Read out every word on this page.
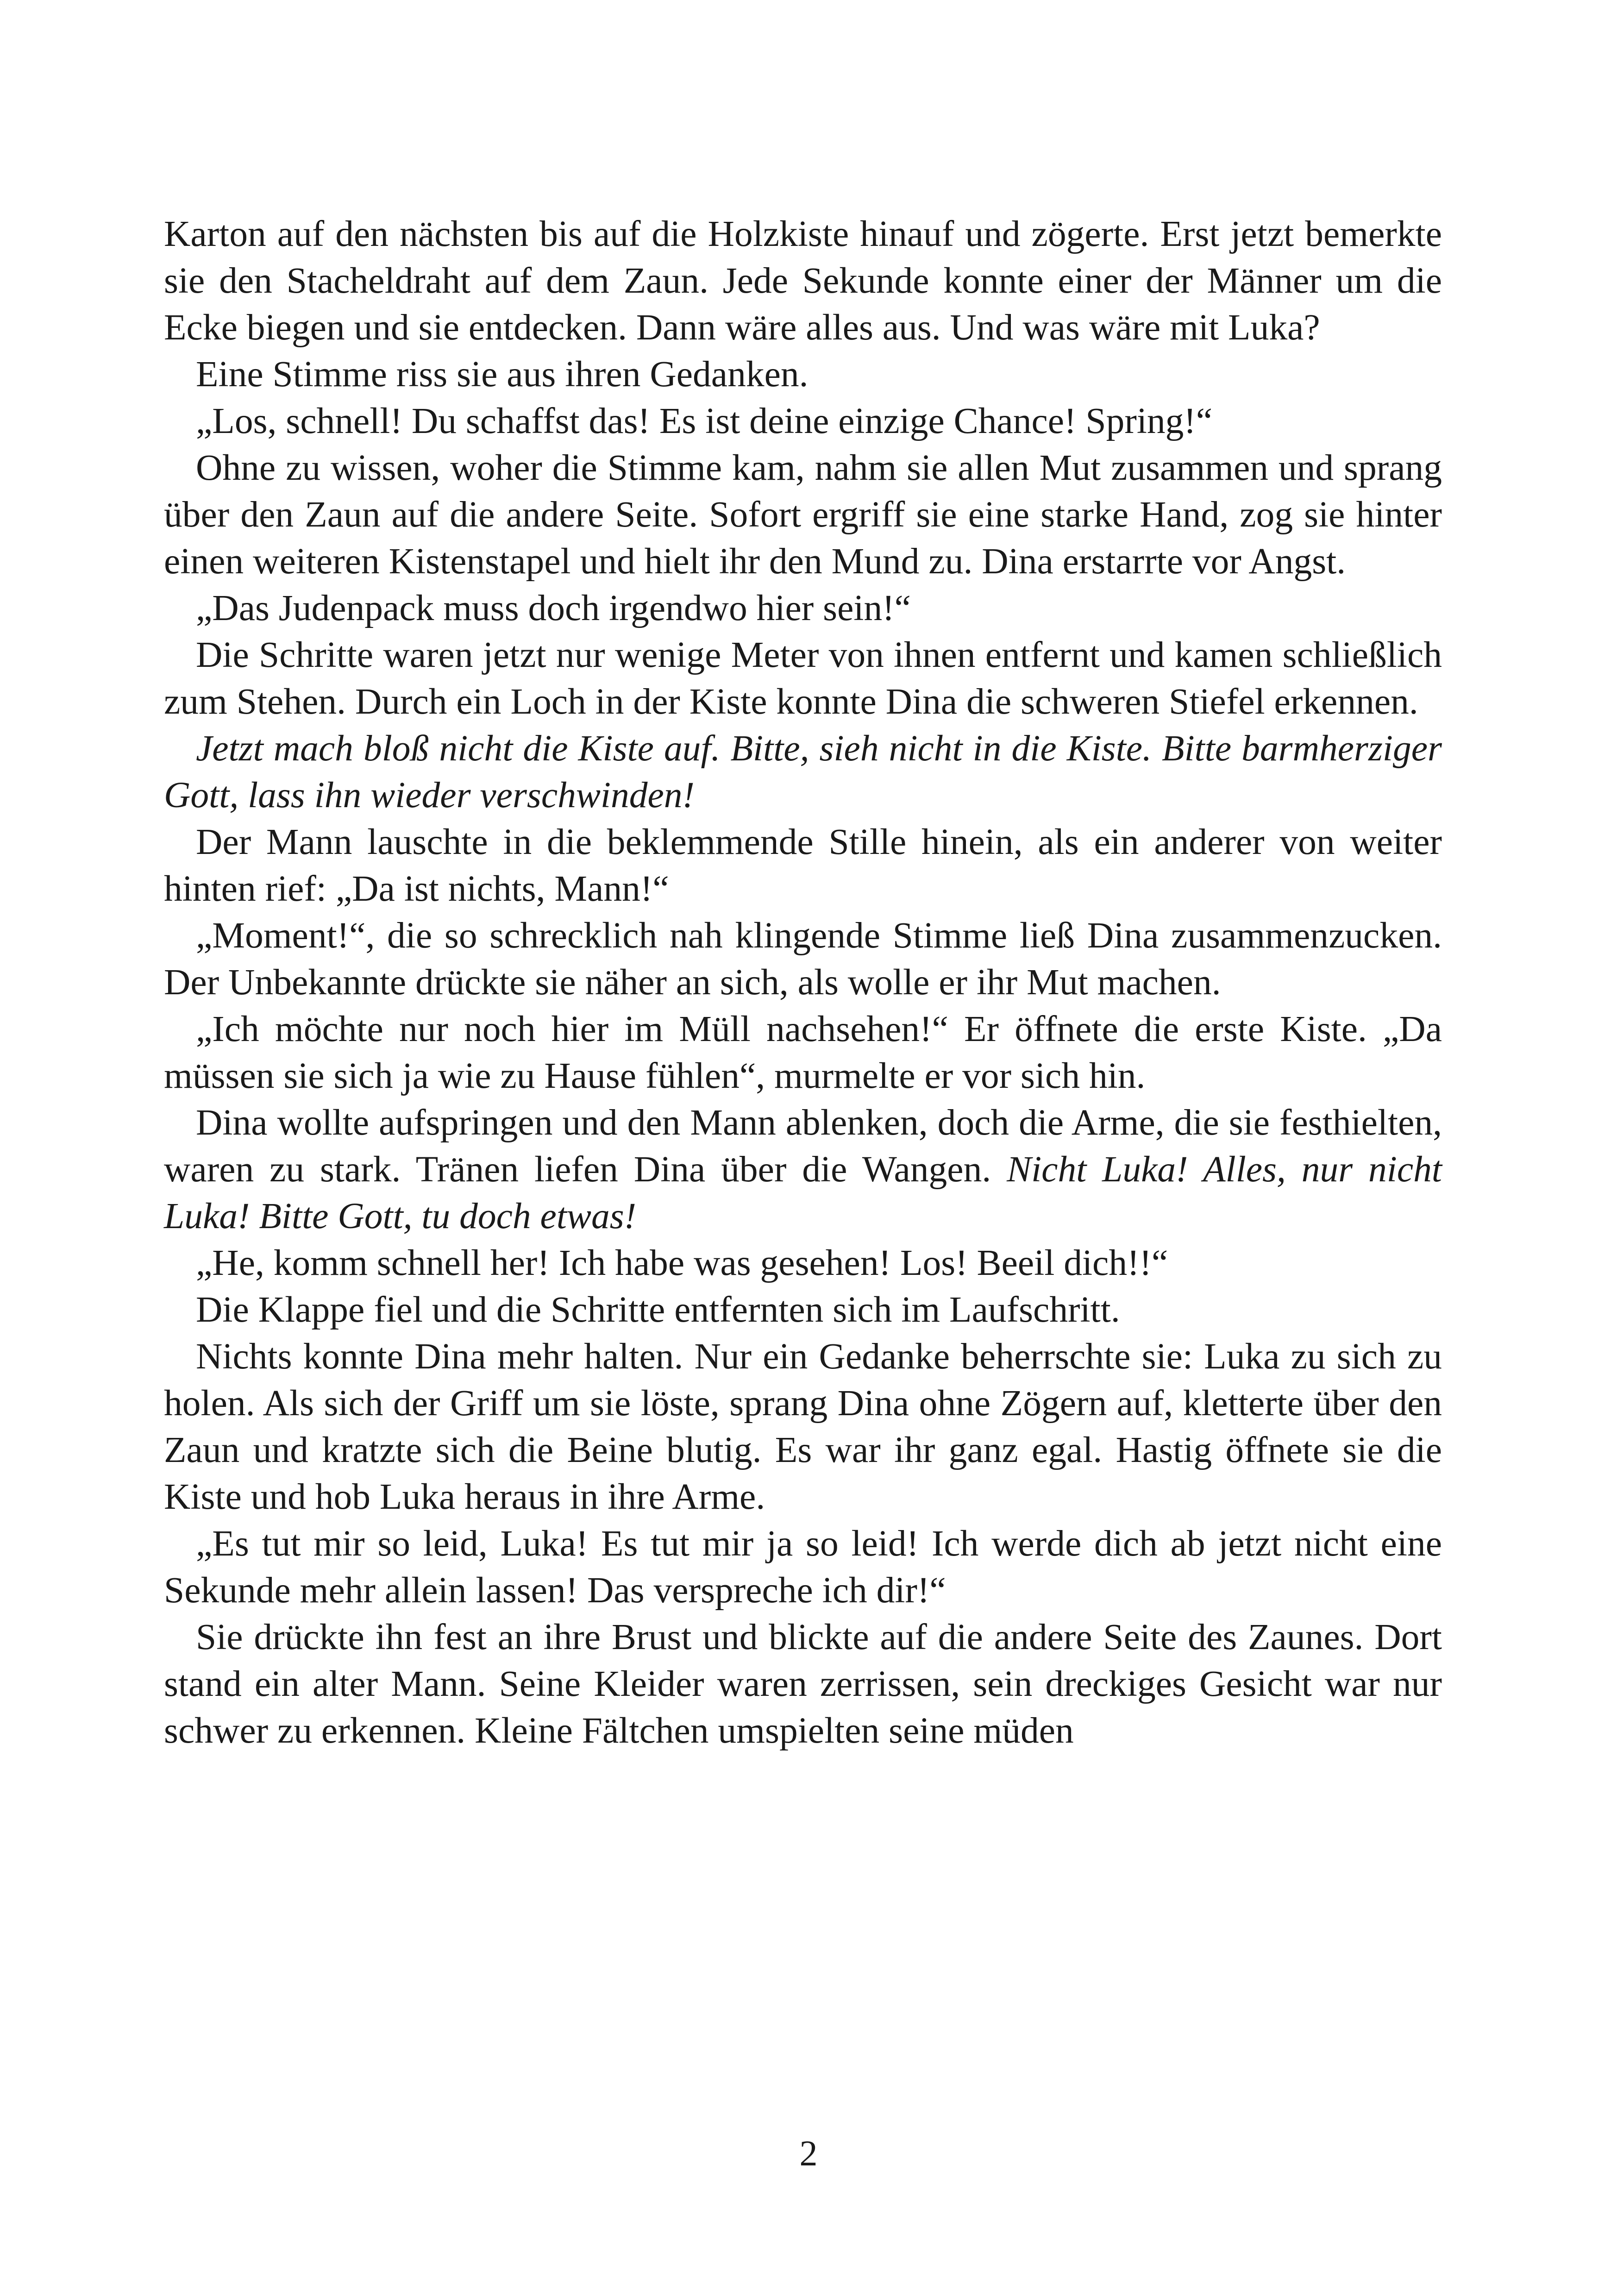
Karton auf den nächsten bis auf die Holzkiste hinauf und zögerte. Erst jetzt bemerkte sie den Stacheldraht auf dem Zaun. Jede Sekunde konnte einer der Männer um die Ecke biegen und sie entdecken. Dann wäre alles aus. Und was wäre mit Luka?

Eine Stimme riss sie aus ihren Gedanken.

„Los, schnell! Du schaffst das! Es ist deine einzige Chance! Spring!“

Ohne zu wissen, woher die Stimme kam, nahm sie allen Mut zusammen und sprang über den Zaun auf die andere Seite. Sofort ergriff sie eine starke Hand, zog sie hinter einen weiteren Kistenstapel und hielt ihr den Mund zu. Dina erstarrte vor Angst.

„Das Judenpack muss doch irgendwo hier sein!“

Die Schritte waren jetzt nur wenige Meter von ihnen entfernt und kamen schließlich zum Stehen. Durch ein Loch in der Kiste konnte Dina die schweren Stiefel erkennen.

Jetzt mach bloß nicht die Kiste auf. Bitte, sieh nicht in die Kiste. Bitte barmherziger Gott, lass ihn wieder verschwinden!

Der Mann lauschte in die beklemmende Stille hinein, als ein anderer von weiter hinten rief: „Da ist nichts, Mann!“

„Moment!“, die so schrecklich nah klingende Stimme ließ Dina zusammenzucken. Der Unbekannte drückte sie näher an sich, als wolle er ihr Mut machen.

„Ich möchte nur noch hier im Müll nachsehen!“ Er öffnete die erste Kiste. „Da müssen sie sich ja wie zu Hause fühlen“, murmelte er vor sich hin.

Dina wollte aufspringen und den Mann ablenken, doch die Arme, die sie festhielten, waren zu stark. Tränen liefen Dina über die Wangen. Nicht Luka! Alles, nur nicht Luka! Bitte Gott, tu doch etwas!

„He, komm schnell her! Ich habe was gesehen! Los! Beeil dich!!“

Die Klappe fiel und die Schritte entfernten sich im Laufschritt.

Nichts konnte Dina mehr halten. Nur ein Gedanke beherrschte sie: Luka zu sich zu holen. Als sich der Griff um sie löste, sprang Dina ohne Zögern auf, kletterte über den Zaun und kratzte sich die Beine blutig. Es war ihr ganz egal. Hastig öffnete sie die Kiste und hob Luka heraus in ihre Arme.

„Es tut mir so leid, Luka! Es tut mir ja so leid! Ich werde dich ab jetzt nicht eine Sekunde mehr allein lassen! Das verspreche ich dir!“

Sie drückte ihn fest an ihre Brust und blickte auf die andere Seite des Zaunes. Dort stand ein alter Mann. Seine Kleider waren zerrissen, sein dreckiges Gesicht war nur schwer zu erkennen. Kleine Fältchen umspielten seine müden

2
